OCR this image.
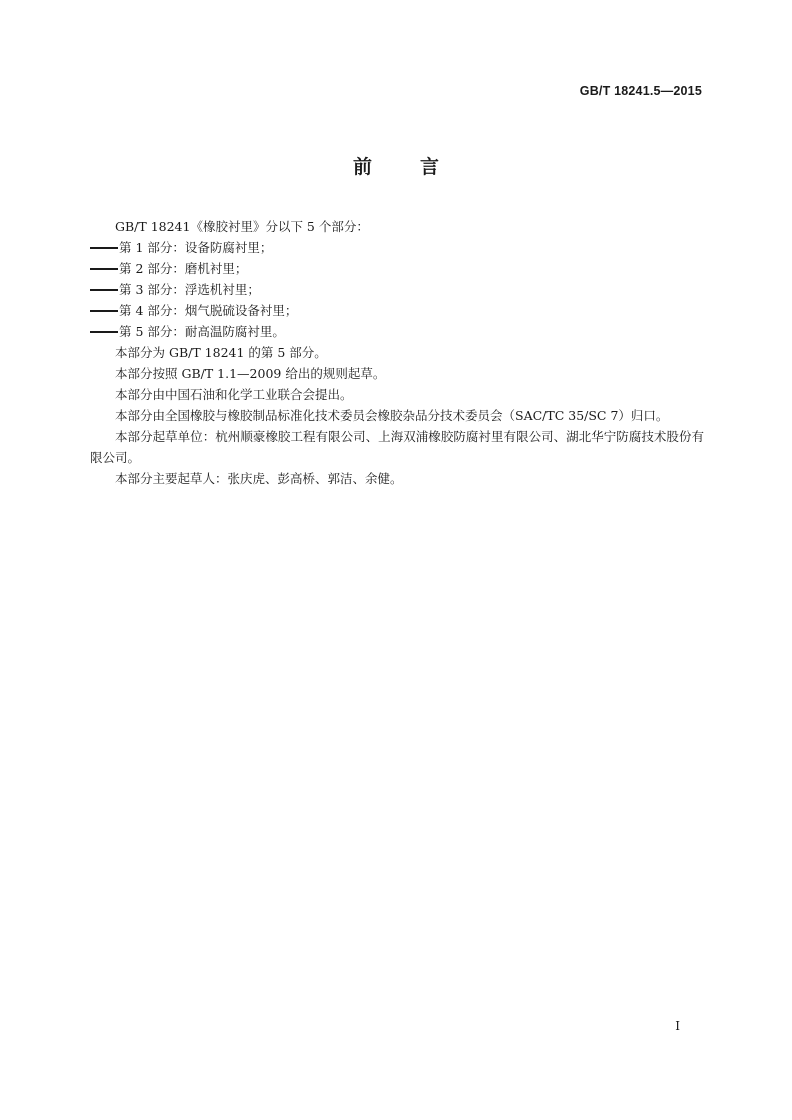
GB/T 18241.5—2015
前言

GB/T 18241《橡胶衬里》分以下 5 个部分：

第 1 部分：设备防腐衬里；
第 2 部分：磨机衬里；
第 3 部分：浮选机衬里；
第 4 部分：烟气脱硫设备衬里；
第 5 部分：耐高温防腐衬里。

本部分为 GB/T 18241 的第 5 部分。

本部分按照 GB/T 1.1—2009 给出的规则起草。

本部分由中国石油和化学工业联合会提出。

本部分由全国橡胶与橡胶制品标准化技术委员会橡胶杂品分技术委员会（SAC/TC 35/SC 7）归口。

本部分起草单位：杭州顺豪橡胶工程有限公司、上海双浦橡胶防腐衬里有限公司、湖北华宁防腐技术股份有限公司。

本部分主要起草人：张庆虎、彭高桥、郭洁、余健。

I
